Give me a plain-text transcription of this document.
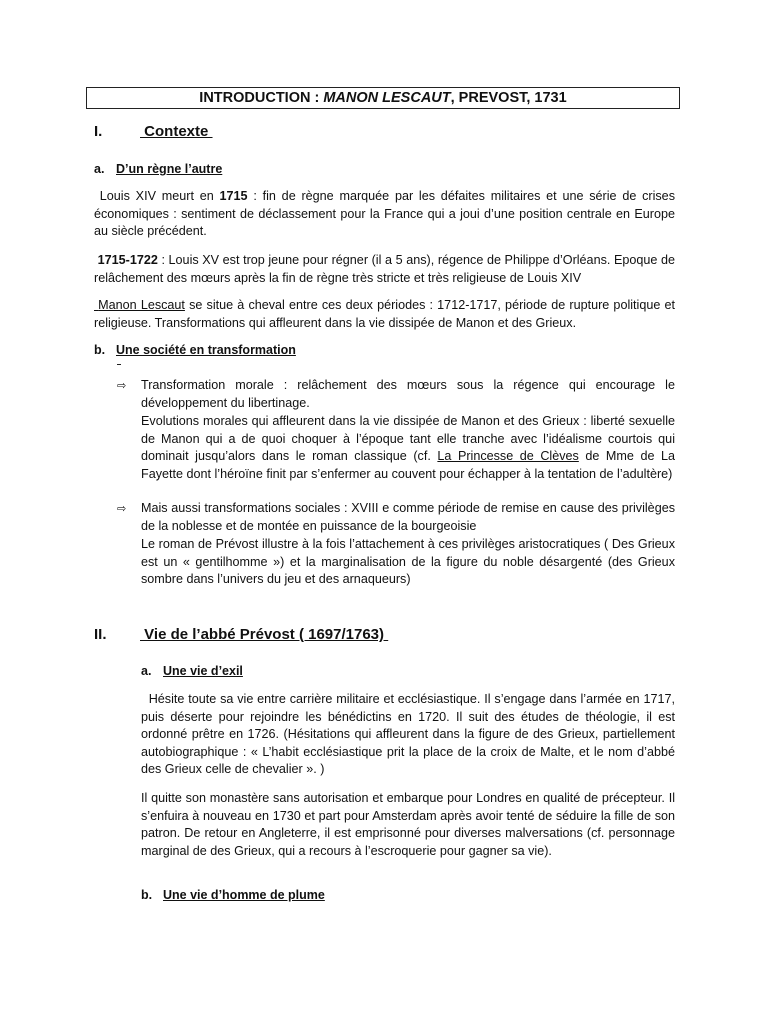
INTRODUCTION : MANON LESCAUT , PREVOST, 1731
I.	Contexte
a. D’un règne l’autre

Louis XIV meurt en 1715 : fin de règne marquée par les défaites militaires et une série de crises économiques : sentiment de déclassement pour la France qui a joui d’une position centrale en Europe au siècle précédent.

1715-1722 : Louis XV est trop jeune pour régner (il a 5 ans), régence de Philippe d’Orléans. Epoque de relâchement des mœurs après la fin de règne très stricte et très religieuse de Louis XIV

Manon Lescaut se situe à cheval entre ces deux périodes : 1712-1717, période de rupture politique et religieuse. Transformations qui affleurent dans la vie dissipée de Manon et des Grieux.

b. Une société en transformation
⇨ Transformation morale : relâchement des mœurs sous la régence qui encourage le développement du libertinage.

Evolutions morales qui affleurent dans la vie dissipée de Manon et des Grieux : liberté sexuelle de Manon qui a de quoi choquer à l’époque tant elle tranche avec l’idéalisme courtois qui dominait jusqu’alors dans le roman classique (cf. La Princesse de Clèves de Mme de La Fayette dont l’héroïne finit par s’enfermer au couvent pour échapper à la tentation de l’adultère)

⇨ Mais aussi transformations sociales : XVIII e comme période de remise en cause des privilèges de la noblesse et de montée en puissance de la bourgeoisie

Le roman de Prévost illustre à la fois l’attachement à ces privilèges aristocratiques ( Des Grieux est un « gentilhomme ») et la marginalisation de la figure du noble désargenté (des Grieux sombre dans l’univers du jeu et des arnaqueurs)

II. Vie de l’abbé Prévost ( 1697/1763)
a. Une vie d’exil

Hésite toute sa vie entre carrière militaire et ecclésiastique. Il s’engage dans l’armée en 1717, puis déserte pour rejoindre les bénédictins en 1720. Il suit des études de théologie, il est ordonné prêtre en 1726. (Hésitations qui affleurent dans la figure de des Grieux, partiellement autobiographique : « L’habit ecclésiastique prit la place de la croix de Malte, et le nom d’abbé des Grieux celle de chevalier ». )

Il quitte son monastère sans autorisation et embarque pour Londres en qualité de précepteur. Il s’enfuira à nouveau en 1730 et part pour Amsterdam après avoir tenté de séduire la fille de son patron. De retour en Angleterre, il est emprisonné pour diverses malversations (cf. personnage marginal de des Grieux, qui a recours à l’escroquerie pour gagner sa vie).

b. Une vie d’homme de plume
